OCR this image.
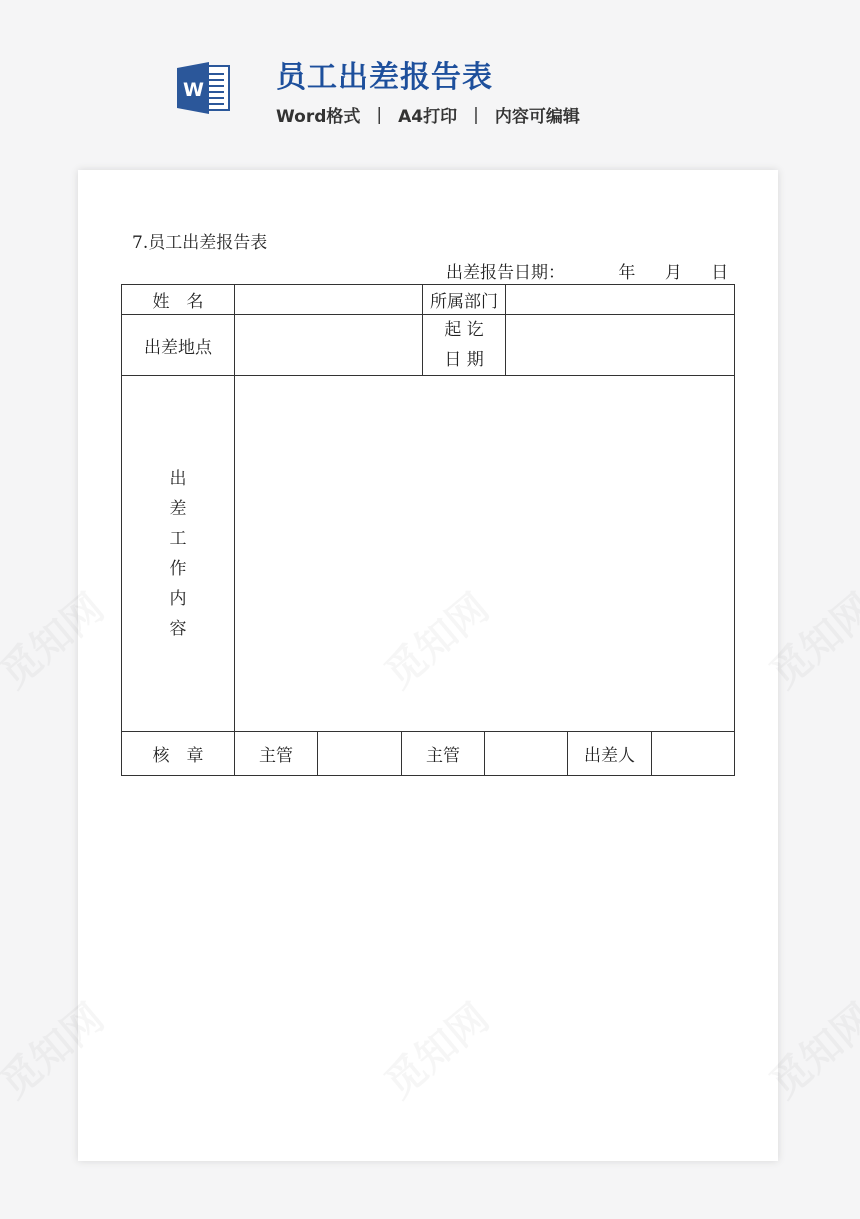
W 员工出差报告表
Word格式 | A4打印 | 内容可编辑
7.员工出差报告表
出差报告日期：	年 月 日
姓　名				所属部门				
出差地点				起 讫
日 期				

出
差
工
作
内
容

核　章	主管		主管				出差人	
